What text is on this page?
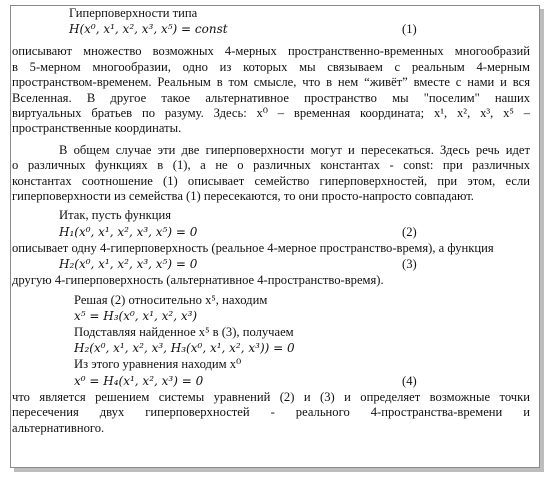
Гиперповерхности типа
H(x⁰, x¹, x², x³, x⁵) = const	(1)
описывают множество возможных 4-мерных пространственно-временных многообразий
в 5-мерном многообразии, одно из которых мы связываем с реальным 4-мерным
пространством-временем. Реальным в том смысле, что в нем “живёт” вместе с нами и вся
Вселенная. В другое такое альтернативное пространство мы "поселим" наших
виртуальных братьев по разуму. Здесь: x⁰ – временная координата; x¹, x², x³, x⁵ –
пространственные координаты.
В общем случае эти две гиперповерхности могут и пересекаться. Здесь речь идет
о различных функциях в (1), а не о различных константах - const: при различных
константах соотношение (1) описывает семейство гиперповерхностей, при этом, если
гиперповерхности из семейства (1) пересекаются, то они просто-напросто совпадают.
Итак, пусть функция
H₁(x⁰, x¹, x², x³, x⁵) = 0	(2)
описывает одну 4-гиперповерхность (реальное 4-мерное пространство-время), а функция
H₂(x⁰, x¹, x², x³, x⁵) = 0	(3)
другую 4-гиперповерхность (альтернативное 4-пространство-время).
Решая (2) относительно x⁵, находим
x⁵ = H₃(x⁰, x¹, x², x³)
Подставляя найденное x⁵ в (3), получаем
H₂(x⁰, x¹, x², x³, H₃(x⁰, x¹, x², x³)) = 0
Из этого уравнения находим x⁰
x⁰ = H₄(x¹, x², x³) = 0	(4)
что является решением системы уравнений (2) и (3) и определяет возможные точки
пересечения двух гиперповерхностей - реального 4-пространства-времени и
альтернативного.
